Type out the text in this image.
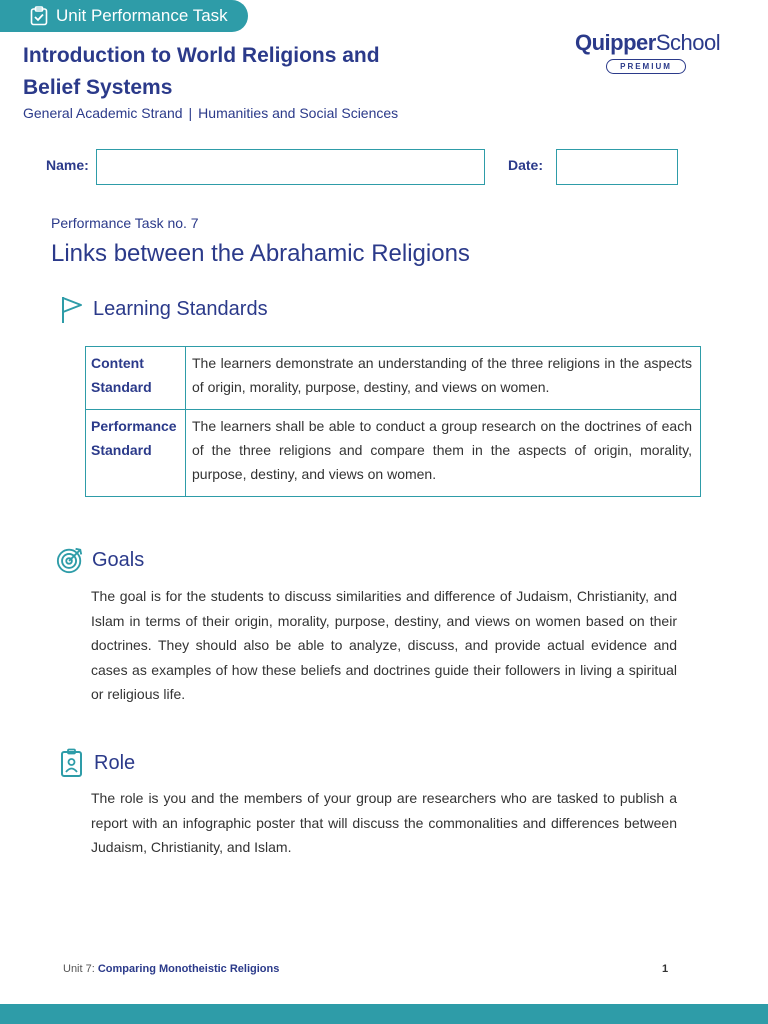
Unit Performance Task
Introduction to World Religions and Belief Systems
General Academic Strand | Humanities and Social Sciences
QuipperSchool
PREMIUM
Name:	Date:
Performance Task no. 7
Links between the Abrahamic Religions
Learning Standards
Content Standard	The learners demonstrate an understanding of the three religions in the aspects of origin, morality, purpose, destiny, and views on women.
Performance Standard	The learners shall be able to conduct a group research on the doctrines of each of the three religions and compare them in the aspects of origin, morality, purpose, destiny, and views on women.
Goals
The goal is for the students to discuss similarities and difference of Judaism, Christianity, and Islam in terms of their origin, morality, purpose, destiny, and views on women based on their doctrines. They should also be able to analyze, discuss, and provide actual evidence and cases as examples of how these beliefs and doctrines guide their followers in living a spiritual or religious life.
Role
The role is you and the members of your group are researchers who are tasked to publish a report with an infographic poster that will discuss the commonalities and differences between Judaism, Christianity, and Islam.
Unit 7: Comparing Monotheistic Religions	1
